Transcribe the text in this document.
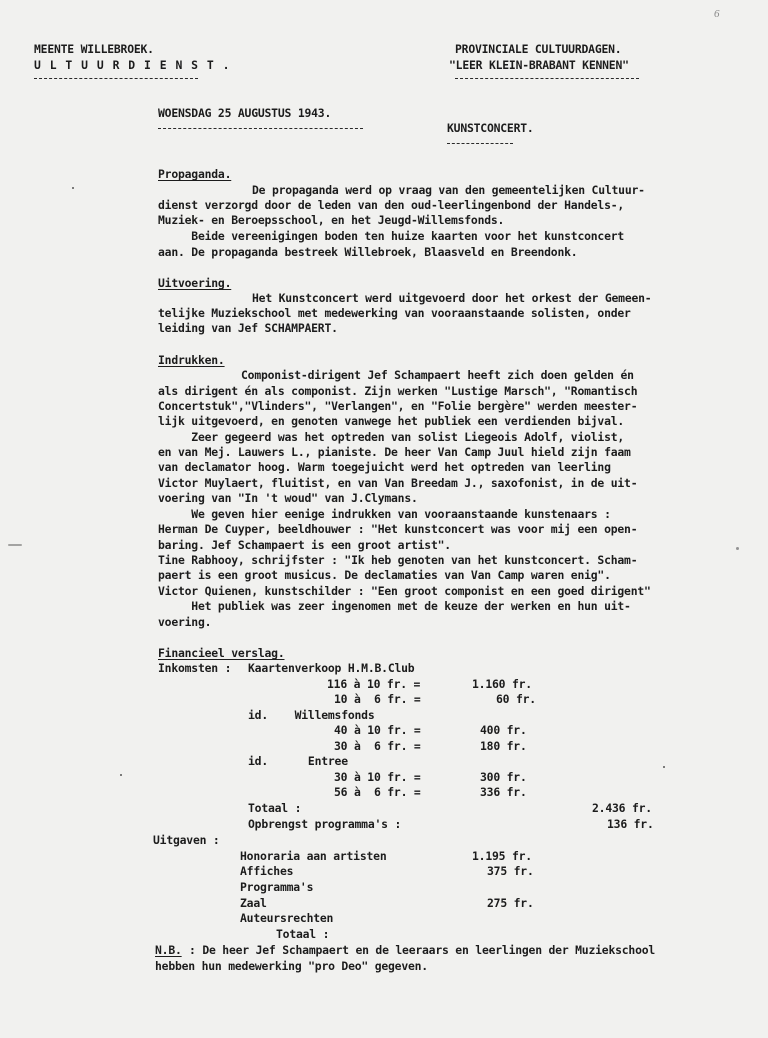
6
MEENTE WILLEBROEK.
U L T U U R D I E N S T .
PROVINCIALE CULTUURDAGEN.
"LEER KLEIN-BRABANT KENNEN"
WOENSDAG 25 AUGUSTUS 1943.
KUNSTCONCERT.
Propaganda.
De propaganda werd op vraag van den gemeentelijken Cultuur-
dienst verzorgd door de leden van den oud-leerlingenbond der Handels-,
Muziek- en Beroepsschool, en het Jeugd-Willemsfonds.
Beide vereenigingen boden ten huize kaarten voor het kunstconcert
aan. De propaganda bestreek Willebroek, Blaasveld en Breendonk.
Uitvoering.
Het Kunstconcert werd uitgevoerd door het orkest der Gemeen-
telijke Muziekschool met medewerking van vooraanstaande solisten, onder
leiding van Jef SCHAMPAERT.
Indrukken.
Componist-dirigent Jef Schampaert heeft zich doen gelden én
als dirigent én als componist. Zijn werken "Lustige Marsch", "Romantisch
Concertstuk","Vlinders", "Verlangen", en "Folie bergère" werden meester-
lijk uitgevoerd, en genoten vanwege het publiek een verdienden bijval.
Zeer gegeerd was het optreden van solist Liegeois Adolf, violist,
en van Mej. Lauwers L., pianiste. De heer Van Camp Juul hield zijn faam
van declamator hoog. Warm toegejuicht werd het optreden van leerling
Victor Muylaert, fluitist, en van Van Breedam J., saxofonist, in de uit-
voering van "In 't woud" van J.Clymans.
We geven hier eenige indrukken van vooraanstaande kunstenaars :
Herman De Cuyper, beeldhouwer : "Het kunstconcert was voor mij een open-
baring. Jef Schampaert is een groot artist".
Tine Rabhooy, schrijfster : "Ik heb genoten van het kunstconcert. Scham-
paert is een groot musicus. De declamaties van Van Camp waren enig".
Victor Quienen, kunstschilder : "Een groot componist en een goed dirigent"
Het publiek was zeer ingenomen met de keuze der werken en hun uit-
voering.
Financieel verslag.
Inkomsten : Kaartenverkoop H.M.B.Club
116 à 10 fr. =	1.160 fr.
10 à  6 fr. =	60 fr.
id.    Willemsfonds
40 à 10 fr. =	400 fr.
30 à  6 fr. =	180 fr.
id.      Entree
30 à 10 fr. =	300 fr.
56 à  6 fr. =	336 fr.
Totaal :	2.436 fr.
Opbrengst programma's :	136 fr.
Uitgaven :
Honoraria aan artisten	1.195 fr.
Affiches	375 fr.
Programma's
Zaal	275 fr.
Auteursrechten
Totaal :
N.B. : De heer Jef Schampaert en de leeraars en leerlingen der Muziekschool
hebben hun medewerking "pro Deo" gegeven.
